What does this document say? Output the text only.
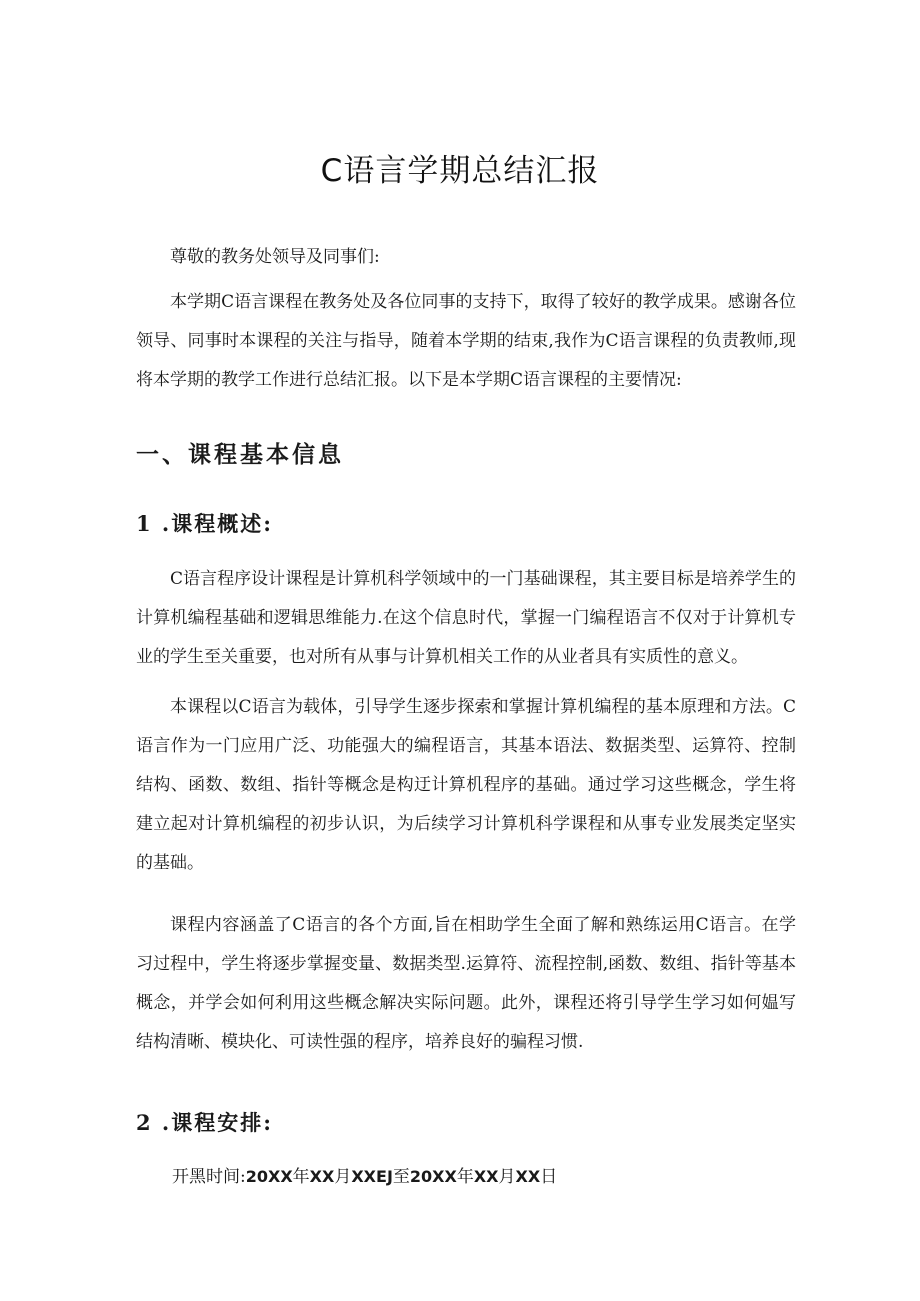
C语言学期总结汇报

尊敬的教务处领导及同事们:

本学期C语言课程在教务处及各位同事的支持下，取得了较好的教学成果。感谢各位领导、同事时本课程的关注与指导，随着本学期的结束,我作为C语言课程的负责教师,现将本学期的教学工作进行总结汇报。以下是本学期C语言课程的主要情况:

一、课程基本信息
1 .课程概述:

C语言程序设计课程是计算机科学领域中的一门基础课程，其主要目标是培养学生的计算机编程基础和逻辑思维能力.在这个信息时代，掌握一门编程语言不仅对于计算机专业的学生至关重要，也对所有从事与计算机相关工作的从业者具有实质性的意义。

本课程以C语言为载体，引导学生逐步探索和掌握计算机编程的基本原理和方法。C语言作为一门应用广泛、功能强大的编程语言，其基本语法、数据类型、运算符、控制结构、函数、数组、指针等概念是构迂计算机程序的基础。通过学习这些概念，学生将建立起对计算机编程的初步认识，为后续学习计算机科学课程和从事专业发展类定坚实的基础。

课程内容涵盖了C语言的各个方面,旨在相助学生全面了解和熟练运用C语言。在学习过程中，学生将逐步掌握变量、数据类型.运算符、流程控制,函数、数组、指针等基本概念，并学会如何利用这些概念解决实际问题。此外，课程还将引导学生学习如何媪写结构清晰、模块化、可读性强的程序，培养良好的骗程习惯.

2 .课程安排:

开黑时间:20XX年XX月XXEJ至20XX年XX月XX日
